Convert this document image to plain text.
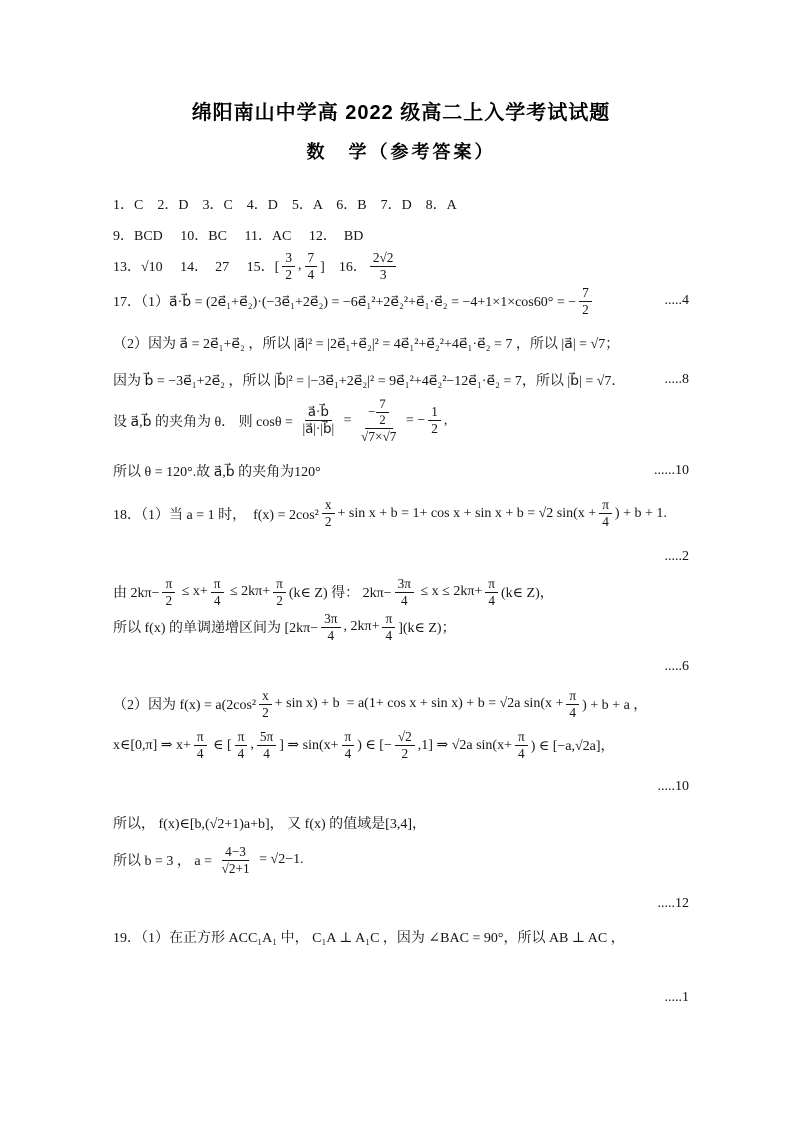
绵阳南山中学高 2022 级高二上入学考试试题
数　学（参考答案）
1．C　2．D　3．C　4．D　5．A　6．B　7．D　8．A
9．BCD　 10．BC　 11．AC　 12．　BD
13．√10　 14．　27　 15．[ $\frac{3}{2}$ , $\frac{7}{4}$ ]　16． $\frac{2√2}{3}$
17．（1）a⃗·b⃗ = (2e⃗₁+e⃗₂)·(−3e⃗₁+2e⃗₂) = −6e⃗₁²+2e⃗₂²+e⃗₁·e⃗₂ = −4+1×1×cos60° = − $\frac{7}{2}$	.....4
（2）因为 a⃗ = 2e⃗₁+e⃗₂ ，所以 |a⃗|² = |2e⃗₁+e⃗₂|² = 4e⃗₁²+e⃗₂²+4e⃗₁·e⃗₂ = 7 ，所以 |a⃗| = √7；
因为 b⃗ = −3e⃗₁+2e⃗₂ ，所以 |b⃗|² = |−3e⃗₁+2e⃗₂|² = 9e⃗₁²+4e⃗₂²−12e⃗₁·e⃗₂ = 7，所以 |b⃗| = √7．	.....8
设 a⃗,b⃗ 的夹角为 θ． 则 $\cos\theta = \frac{a⃗\cdot b⃗}{|a⃗|\cdot|b⃗|} = \frac{- \frac{7}{2}}{√7\times√7}$ = − $\frac{1}{2}$ ,
所以 θ = 120°.故 a⃗,b⃗ 的夹角为120°	......10
18．（1）当 a = 1 时，  $f(x) = 2\cos^2 \frac{x}{2} + \sin x + b = 1+ \cos x + \sin x + b = √2$ $\sin(x + \frac{\pi}{4}$ ) + b + 1.
.....2
由 $2k\pi- \frac{\pi}{2} \le x+ \frac{\pi}{4} \le 2k\pi+ \frac{\pi}{2}$ (k∈ Z) 得： $2k\pi- \frac{3\pi}{4} \le x \le 2k\pi+ \frac{\pi}{4}$ (k∈ Z)，
所以 f(x) 的单调递增区间为 [$2k\pi- \frac{3\pi}{4}$ , $2k\pi+ \frac{\pi}{4}$ ](k∈ Z)；
.....6
（2）因为 $f(x) = a(2\cos^2 \frac{x}{2} + \sin x) + b = a(1+ \cos x + \sin x) + b = √2a$ $\sin(x + \frac{\pi}{4}$ ) + b + a ，
x∈[0,π] ⇒ $x+ \frac{\pi}{4}$ ∈ [ $\frac{\pi}{4}$ , $\frac{5\pi}{4}$ ] ⇒ $\sin(x+ \frac{\pi}{4}$ ) ∈ [− $\frac{√2}{2} ,1$] ⇒ √2a $\sin(x+ \frac{\pi}{4}$ ) ∈ [−a,√2a]，
.....10
所以， f(x)∈[b,(√2+1)a+b]， 又 f(x) 的值域是[3,4]，
所以 b = 3 ， $a = \frac{4-3}{√2+1} = √2-1$.
.....12
19．（1）在正方形 ACC₁A₁ 中， C₁A ⊥ A₁C ，因为 ∠BAC = 90°，所以 AB ⊥ AC ，
.....1
